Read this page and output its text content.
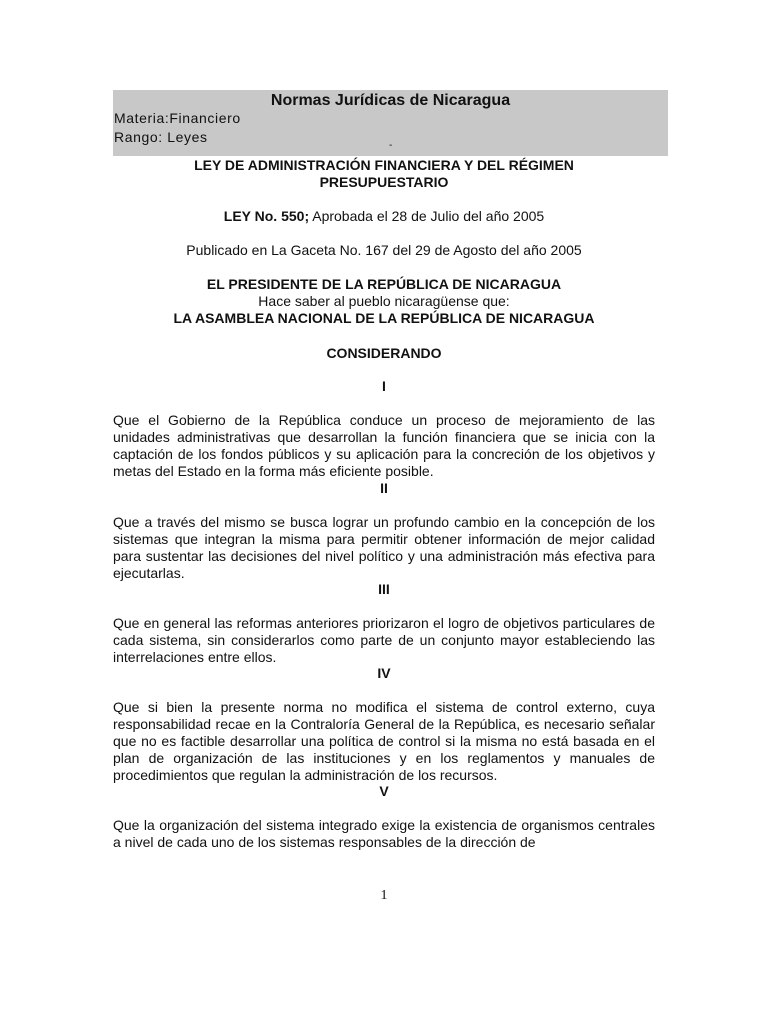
Normas Jurídicas de Nicaragua
Materia:Financiero
Rango: Leyes
-
LEY DE ADMINISTRACIÓN FINANCIERA Y DEL RÉGIMEN
PRESUPUESTARIO
LEY No. 550; Aprobada el 28 de Julio del año 2005
Publicado en La Gaceta No. 167 del 29 de Agosto del año 2005
EL PRESIDENTE DE LA REPÚBLICA DE NICARAGUA
Hace saber al pueblo nicaragüense que:
LA ASAMBLEA NACIONAL DE LA REPÚBLICA DE NICARAGUA
CONSIDERANDO
I
Que el Gobierno de la República conduce un proceso de mejoramiento de las unidades administrativas que desarrollan la función financiera que se inicia con la captación de los fondos públicos y su aplicación para la concreción de los objetivos y metas del Estado en la forma más eficiente posible.
II
Que a través del mismo se busca lograr un profundo cambio en la concepción de los sistemas que integran la misma para permitir obtener información de mejor calidad para sustentar las decisiones del nivel político y una administración más efectiva para ejecutarlas.
III
Que en general las reformas anteriores priorizaron el logro de objetivos particulares de cada sistema, sin considerarlos como parte de un conjunto mayor estableciendo las interrelaciones entre ellos.
IV
Que si bien la presente norma no modifica el sistema de control externo, cuya responsabilidad recae en la Contraloría General de la República, es necesario señalar que no es factible desarrollar una política de control si la misma no está basada en el plan de organización de las instituciones y en los reglamentos y manuales de procedimientos que regulan la administración de los recursos.
V
Que la organización del sistema integrado exige la existencia de organismos centrales a nivel de cada uno de los sistemas responsables de la dirección de
1
